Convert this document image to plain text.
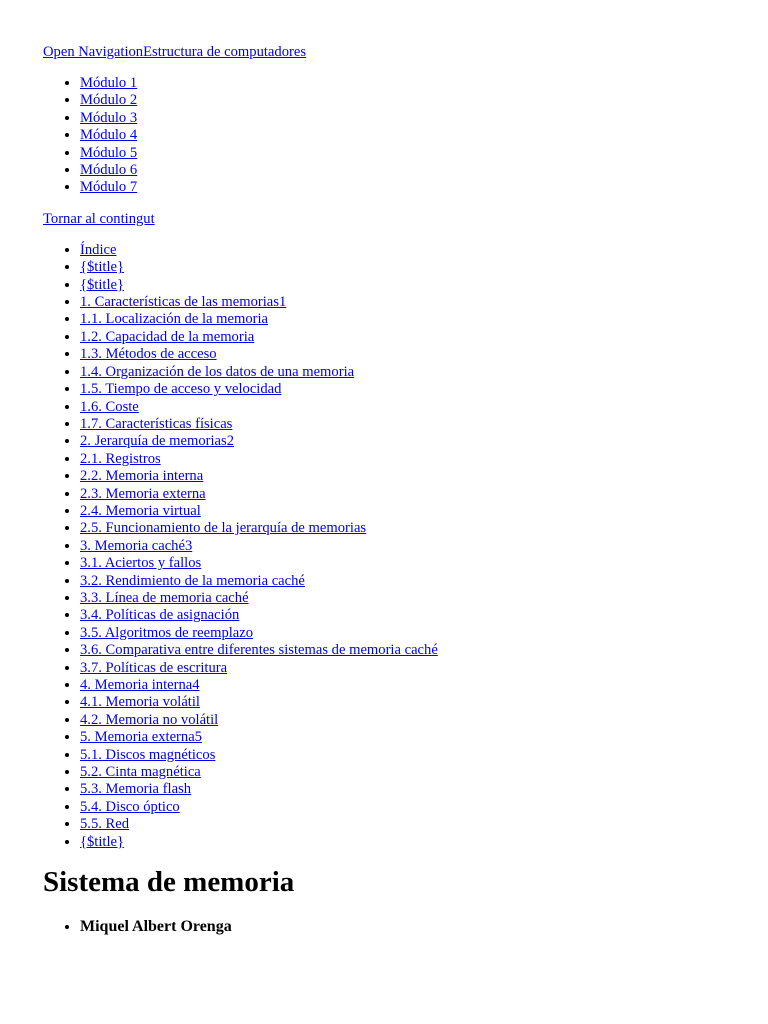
Open NavigationEstructura de computadores
• Módulo 1
• Módulo 2
• Módulo 3
• Módulo 4
• Módulo 5
• Módulo 6
• Módulo 7
Tornar al contingut
• Índice
• {$title}
• {$title}
• 1. Características de las memorias1
• 1.1. Localización de la memoria
• 1.2. Capacidad de la memoria
• 1.3. Métodos de acceso
• 1.4. Organización de los datos de una memoria
• 1.5. Tiempo de acceso y velocidad
• 1.6. Coste
• 1.7. Características físicas
• 2. Jerarquía de memorias2
• 2.1. Registros
• 2.2. Memoria interna
• 2.3. Memoria externa
• 2.4. Memoria virtual
• 2.5. Funcionamiento de la jerarquía de memorias
• 3. Memoria caché3
• 3.1. Aciertos y fallos
• 3.2. Rendimiento de la memoria caché
• 3.3. Línea de memoria caché
• 3.4. Políticas de asignación
• 3.5. Algoritmos de reemplazo
• 3.6. Comparativa entre diferentes sistemas de memoria caché
• 3.7. Políticas de escritura
• 4. Memoria interna4
• 4.1. Memoria volátil
• 4.2. Memoria no volátil
• 5. Memoria externa5
• 5.1. Discos magnéticos
• 5.2. Cinta magnética
• 5.3. Memoria flash
• 5.4. Disco óptico
• 5.5. Red
• {$title}
Sistema de memoria
• Miquel Albert Orenga
